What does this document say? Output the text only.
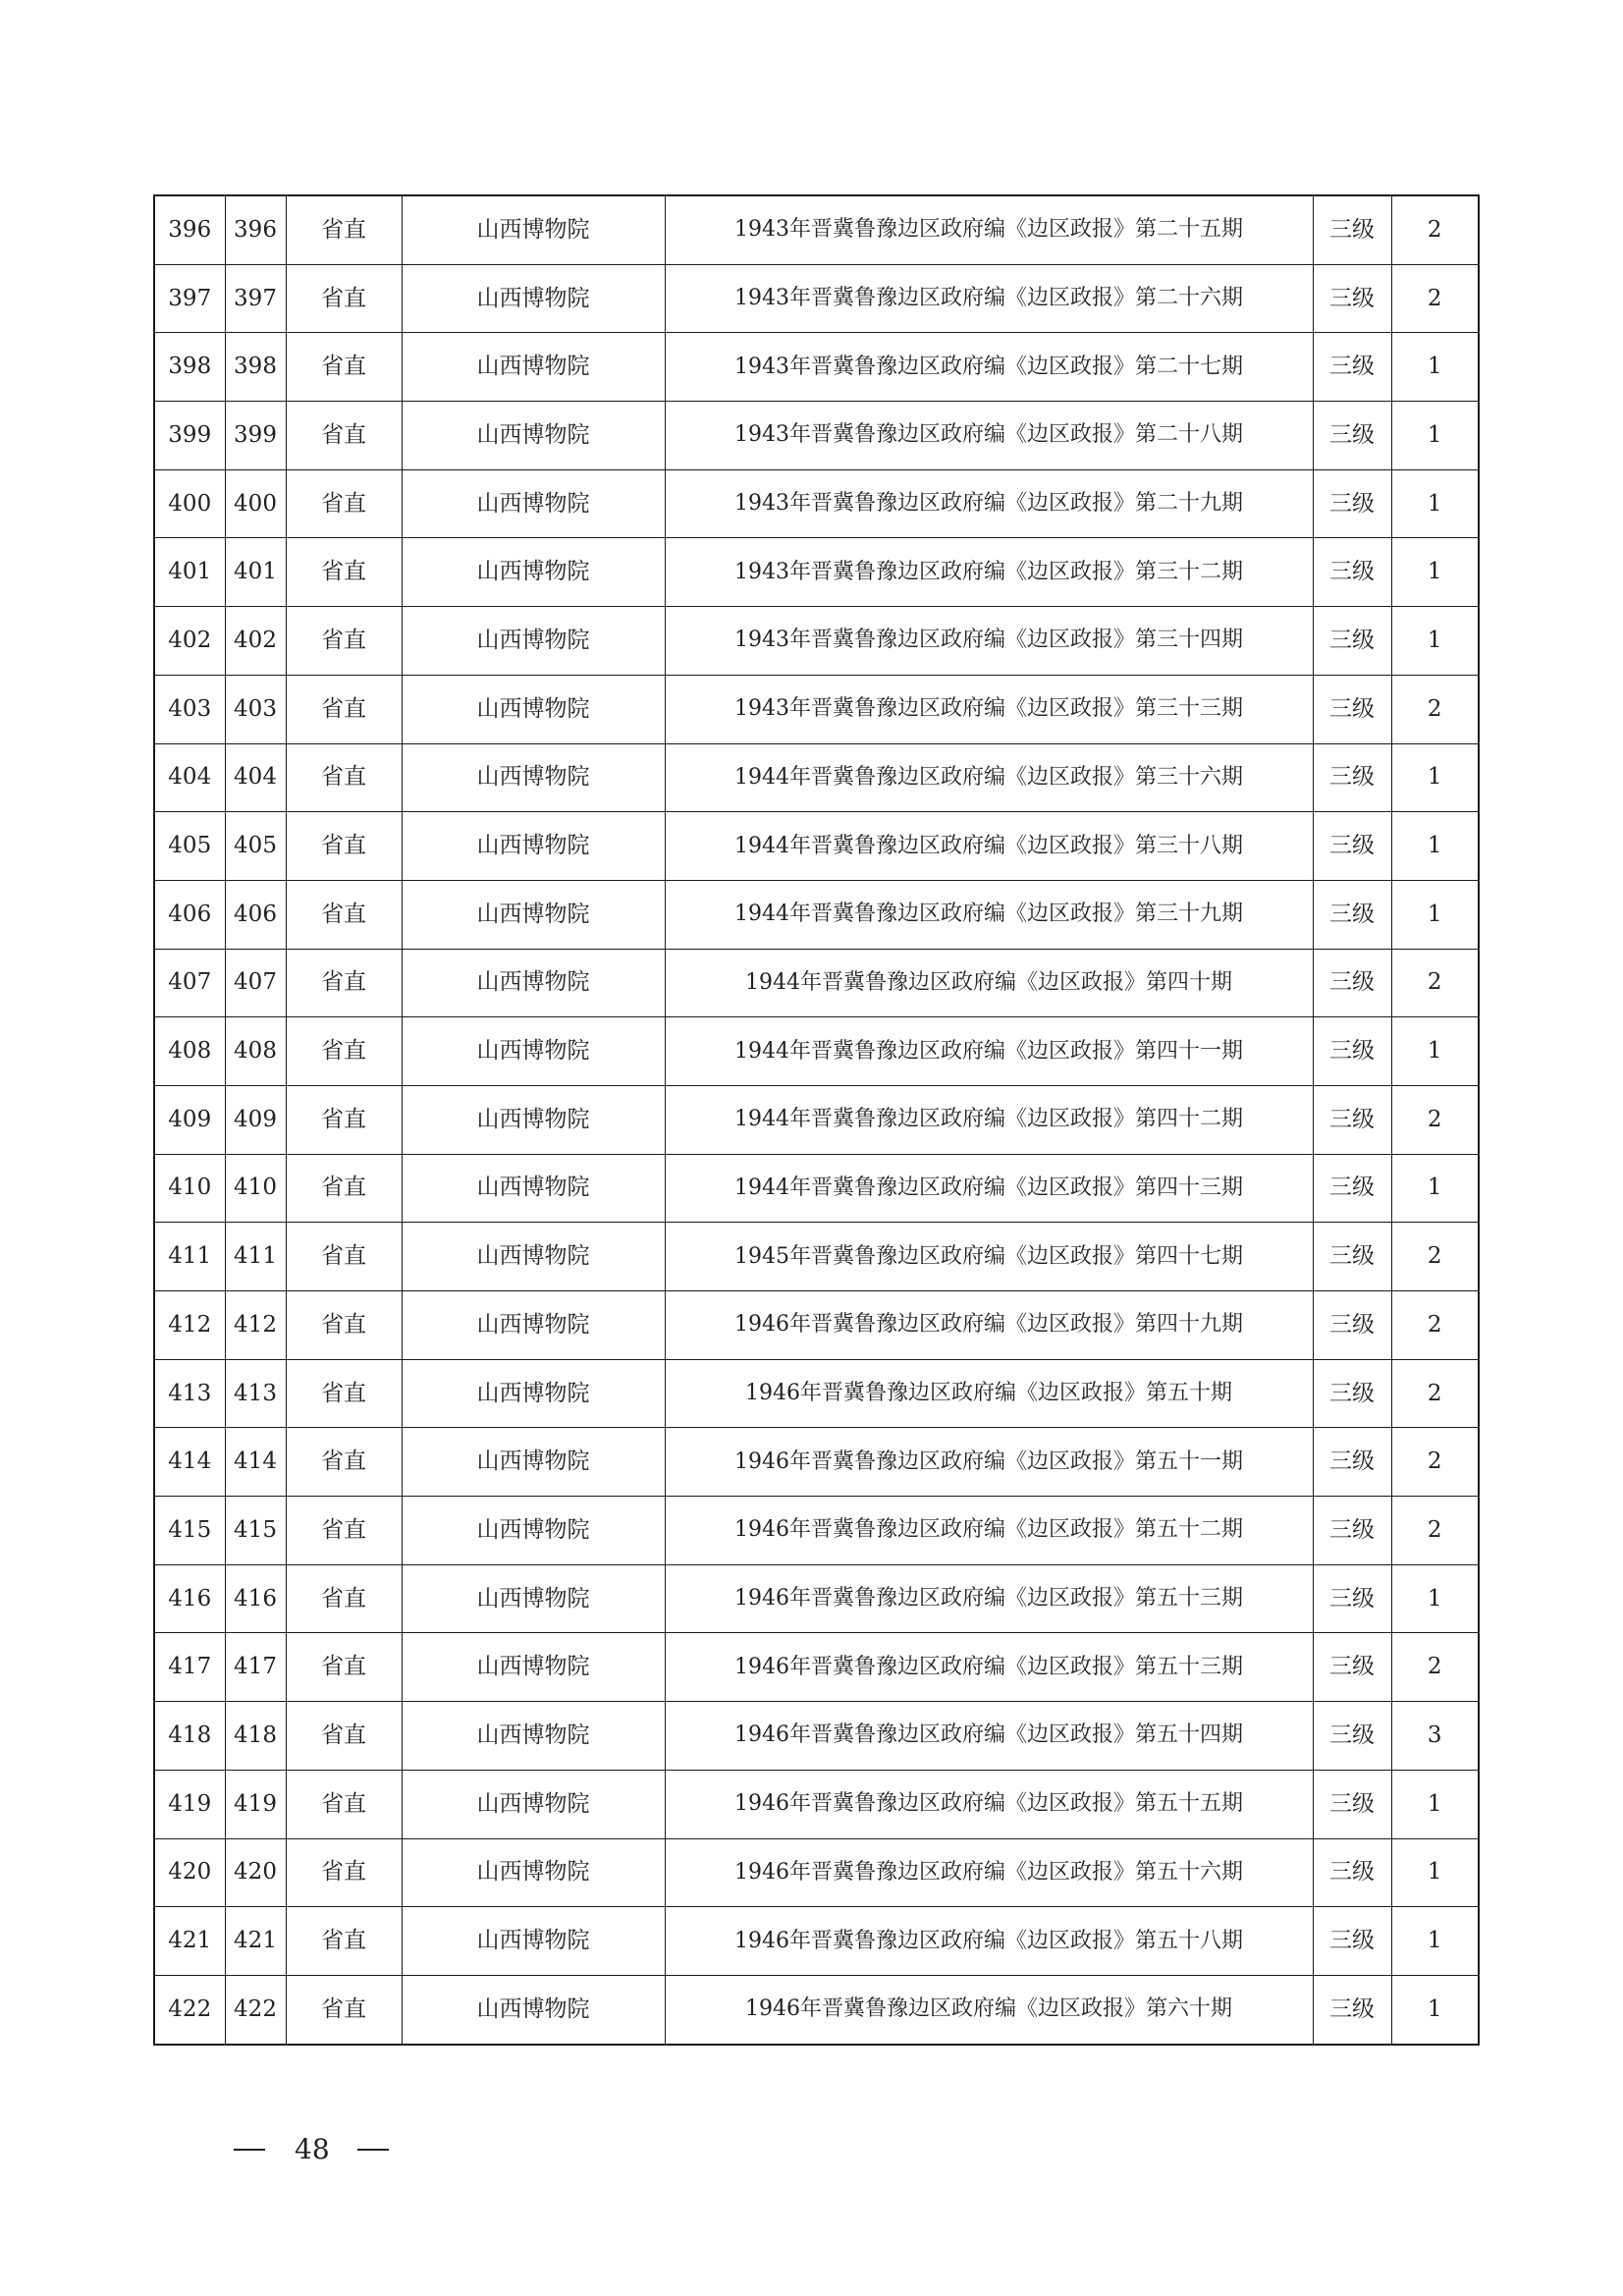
396	396	省直	山西博物院	1943年晋冀鲁豫边区政府编《边区政报》第二十五期	三级	2
397	397	省直	山西博物院	1943年晋冀鲁豫边区政府编《边区政报》第二十六期	三级	2
398	398	省直	山西博物院	1943年晋冀鲁豫边区政府编《边区政报》第二十七期	三级	1
399	399	省直	山西博物院	1943年晋冀鲁豫边区政府编《边区政报》第二十八期	三级	1
400	400	省直	山西博物院	1943年晋冀鲁豫边区政府编《边区政报》第二十九期	三级	1
401	401	省直	山西博物院	1943年晋冀鲁豫边区政府编《边区政报》第三十二期	三级	1
402	402	省直	山西博物院	1943年晋冀鲁豫边区政府编《边区政报》第三十四期	三级	1
403	403	省直	山西博物院	1943年晋冀鲁豫边区政府编《边区政报》第三十三期	三级	2
404	404	省直	山西博物院	1944年晋冀鲁豫边区政府编《边区政报》第三十六期	三级	1
405	405	省直	山西博物院	1944年晋冀鲁豫边区政府编《边区政报》第三十八期	三级	1
406	406	省直	山西博物院	1944年晋冀鲁豫边区政府编《边区政报》第三十九期	三级	1
407	407	省直	山西博物院	1944年晋冀鲁豫边区政府编《边区政报》第四十期	三级	2
408	408	省直	山西博物院	1944年晋冀鲁豫边区政府编《边区政报》第四十一期	三级	1
409	409	省直	山西博物院	1944年晋冀鲁豫边区政府编《边区政报》第四十二期	三级	2
410	410	省直	山西博物院	1944年晋冀鲁豫边区政府编《边区政报》第四十三期	三级	1
411	411	省直	山西博物院	1945年晋冀鲁豫边区政府编《边区政报》第四十七期	三级	2
412	412	省直	山西博物院	1946年晋冀鲁豫边区政府编《边区政报》第四十九期	三级	2
413	413	省直	山西博物院	1946年晋冀鲁豫边区政府编《边区政报》第五十期	三级	2
414	414	省直	山西博物院	1946年晋冀鲁豫边区政府编《边区政报》第五十一期	三级	2
415	415	省直	山西博物院	1946年晋冀鲁豫边区政府编《边区政报》第五十二期	三级	2
416	416	省直	山西博物院	1946年晋冀鲁豫边区政府编《边区政报》第五十三期	三级	1
417	417	省直	山西博物院	1946年晋冀鲁豫边区政府编《边区政报》第五十三期	三级	2
418	418	省直	山西博物院	1946年晋冀鲁豫边区政府编《边区政报》第五十四期	三级	3
419	419	省直	山西博物院	1946年晋冀鲁豫边区政府编《边区政报》第五十五期	三级	1
420	420	省直	山西博物院	1946年晋冀鲁豫边区政府编《边区政报》第五十六期	三级	1
421	421	省直	山西博物院	1946年晋冀鲁豫边区政府编《边区政报》第五十八期	三级	1
422	422	省直	山西博物院	1946年晋冀鲁豫边区政府编《边区政报》第六十期	三级	1
48
